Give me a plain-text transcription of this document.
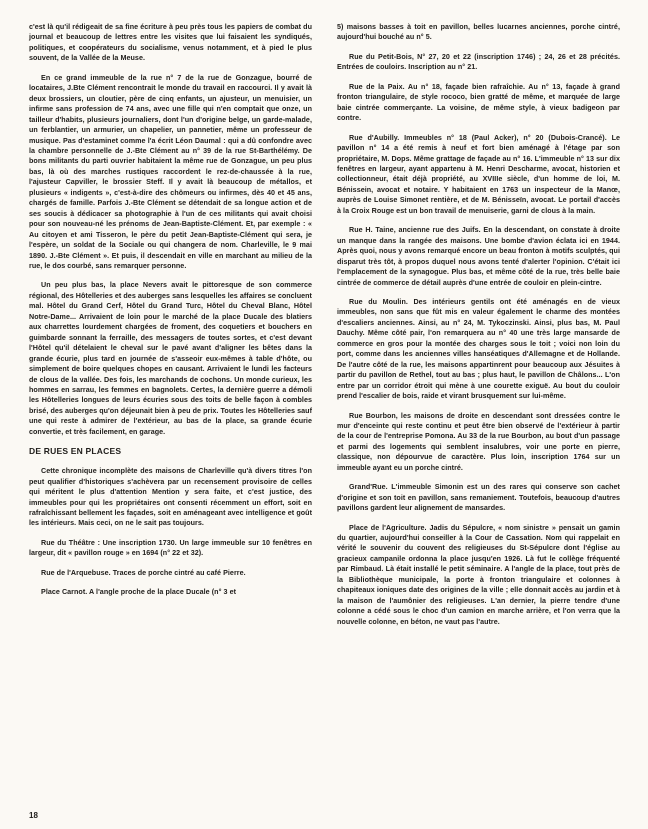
c'est là qu'il rédigeait de sa fine écriture à peu près tous les papiers de combat du journal et beaucoup de lettres entre les visites que lui faisaient les syndiqués, politiques, et coopérateurs du socialisme, venus notamment, et à pied le plus souvent, de la Vallée de la Meuse.

En ce grand immeuble de la rue n° 7 de la rue de Gonzague, bourré de locataires, J.Bte Clément rencontrait le monde du travail en raccourci. Il y avait là deux brossiers, un cloutier, père de cinq enfants, un ajusteur, un menuisier, un infirme sans profession de 74 ans, avec une fille qui n'en comptait que onze, un tailleur d'habits, plusieurs journaliers, dont l'un d'origine belge, un garde-malade, un ferblantier, un armurier, un chapelier, un pannetier, même un professeur de musique. Pas d'estaminet comme l'a écrit Léon Daumal : qui a dû confondre avec la chambre personnelle de J.-Bte Clément au n° 39 de la rue St-Barthélémy. De bons militants du parti ouvrier habitaient la même rue de Gonzague, un peu plus bas, là où des marches rustiques raccordent le rez-de-chaussée à la rue, l'ajusteur Capviller, le brossier Steff. Il y avait là beaucoup de métallos, et plusieurs « indigents », c'est-à-dire des chômeurs ou infirmes, dès 40 et 45 ans, chargés de famille. Parfois J.-Bte Clément se détendait de sa longue action et de ses soucis à dédicacer sa photographie à l'un de ces militants qui avait choisi pour son nouveau-né les prénoms de Jean-Baptiste-Clément. Et, par exemple : « Au citoyen et ami Tisseron, le père du petit Jean-Baptiste-Clément qui sera, je l'espère, un soldat de la Sociale ou qui changera de nom. Charleville, le 9 mai 1890. J.-Bte Clément ». Et puis, il descendait en ville en marchant au milieu de la rue, le dos courbé, sans remarquer personne.

Un peu plus bas, la place Nevers avait le pittoresque de son commerce régional, des Hôtelleries et des auberges sans lesquelles les affaires se concluent mal. Hôtel du Grand Cerf, Hôtel du Grand Turc, Hôtel du Cheval Blanc, Hôtel Notre-Dame... Arrivaient de loin pour le marché de la place Ducale des blatiers aux charrettes lourdement chargées de froment, des coquetiers et bouchers en guimbarde sonnant la ferraille, des messagers de toutes sortes, et c'est devant l'Hôtel qu'il dételaient le cheval sur le pavé avant d'aligner les bêtes dans la grande écurie, plus tard en journée de s'asseoir eux-mêmes à table d'hôte, ou simplement de boire quelques chopes en causant. Arrivaient le lundi les facteurs de clous de la vallée. Des fois, les marchands de cochons. Un monde curieux, les hommes en sarrau, les femmes en bagnolets. Certes, la dernière guerre a démoli les Hôtelleries longues de leurs écuries sous des toits de belle façon à combles brisé, des auberges qu'on déjeunait bien à peu de prix. Toutes les Hôtelleries sauf une qui reste à admirer de l'extérieur, au bas de la place, sa grande écurie convertie, et très facilement, en garage.

DE RUES EN PLACES

Cette chronique incomplète des maisons de Charleville qu'à divers titres l'on peut qualifier d'historiques s'achèvera par un recensement provisoire de celles qui méritent le plus d'attention Mention y sera faite, et c'est justice, des immeubles pour qui les propriétaires ont consenti récemment un effort, soit en rafraîchissant bellement les façades, soit en aménageant avec intelligence et goût les intérieurs. Mais ceci, on ne le sait pas toujours.

Rue du Théâtre : Une inscription 1730. Un large immeuble sur 10 fenêtres en largeur, dit « pavillon rouge » en 1694 (n° 22 et 32).

Rue de l'Arquebuse. Traces de porche cintré au café Pierre.

Place Carnot. A l'angle proche de la place Ducale (n° 3 et

5) maisons basses à toit en pavillon, belles lucarnes anciennes, porche cintré, aujourd'hui bouché au n° 5.

Rue du Petit-Bois, N° 27, 20 et 22 (inscription 1746) ; 24, 26 et 28 précités. Entrées de couloirs. Inscription au n° 21.

Rue de la Paix. Au n° 18, façade bien rafraîchie. Au n° 13, façade à grand fronton triangulaire, de style rococo, bien gratté de même, et marquée de large baie cintrée commerçante. La voisine, de même style, à vieux badigeon par contre.

Rue d'Aubilly. Immeubles n° 18 (Paul Acker), n° 20 (Dubois-Crancé). Le pavillon n° 14 a été remis à neuf et fort bien aménagé à l'étage par son propriétaire, M. Dops. Même grattage de façade au n° 16. L'immeuble n° 13 sur dix fenêtres en largeur, ayant appartenu à M. Henri Descharme, avocat, historien et collectionneur, était déjà propriété, au XVIIIe siècle, d'un homme de loi, M. Bénissein, avocat et notaire. Y habitaient en 1763 un inspecteur de la Manœ, auprès de Louise Simonet rentière, et de M. Bénisseïn, avocat. Le portail d'accès à la Croix Rouge est un bon travail de menuiserie, garni de clous à la main.

Rue H. Taine, ancienne rue des Juifs. En la descendant, on constate à droite un manque dans la rangée des maisons. Une bombe d'avion éclata ici en 1944. Après quoi, nous y avons remarqué encore un beau fronton à motifs sculptés, qui disparut très tôt, à propos duquel nous avons tenté d'alerter l'opinion. C'était ici l'emplacement de la synagogue. Plus bas, et même côté de la rue, très belle baie cintrée de commerce de détail auprès d'une entrée de couloir en plein-cintre.

Rue du Moulin. Des intérieurs gentils ont été aménagés en de vieux immeubles, non sans que fût mis en valeur également le charme des montées d'escaliers anciennes. Ainsi, au n° 24, M. Tykoczinski. Ainsi, plus bas, M. Paul Dauchy. Même côté pair, l'on remarquera au n° 40 une très large mansarde de commerce en gros pour la montée des charges sous le toit ; voici non loin du port, comme dans les anciennes villes hanséatiques d'Allemagne et de Hollande. De l'autre côté de la rue, les maisons appartinrent pour beaucoup aux Jésuites à partir du pavillon de Rethel, tout au bas ; plus haut, le pavillon de Châlons... L'on entre par un corridor étroit qui mène à une courette exiguë. Au bout du couloir prend l'escalier de bois, raide et virant brusquement sur lui-même.

Rue Bourbon, les maisons de droite en descendant sont dressées contre le mur d'enceinte qui reste continu et peut être bien observé de l'extérieur à partir de la cour de l'entreprise Pomona. Au 33 de la rue Bourbon, au bout d'un passage et parmi des logements qui semblent insalubres, voir une porte en pierre, classique, non dépourvue de caractère. Plus loin, inscription 1764 sur un immeuble ayant eu un porche cintré.

Grand'Rue. L'immeuble Simonin est un des rares qui conserve son cachet d'origine et son toit en pavillon, sans remaniement. Toutefois, beaucoup d'autres pavillons gardent leur alignement de mansardes.

Place de l'Agriculture. Jadis du Sépulcre, « nom sinistre » pensait un gamin du quartier, aujourd'hui conseiller à la Cour de Cassation. Nom qui rappelait en vérité le souvenir du couvent des religieuses du St-Sépulcre dont l'église au gracieux campanile ordonna la place jusqu'en 1926. Là fut le collège fréquenté par Rimbaud. Là était installé le petit séminaire. A l'angle de la place, tout près de la Bibliothèque municipale, la porte à fronton triangulaire et colonnes à chapiteaux ioniques date des origines de la ville ; elle donnait accès au jardin et à la maison de l'aumônier des religieuses. L'an dernier, la pierre tendre d'une colonne a cédé sous le choc d'un camion en marche arrière, et l'on verra que la nouvelle colonne, en béton, ne vaut pas l'autre.

18
